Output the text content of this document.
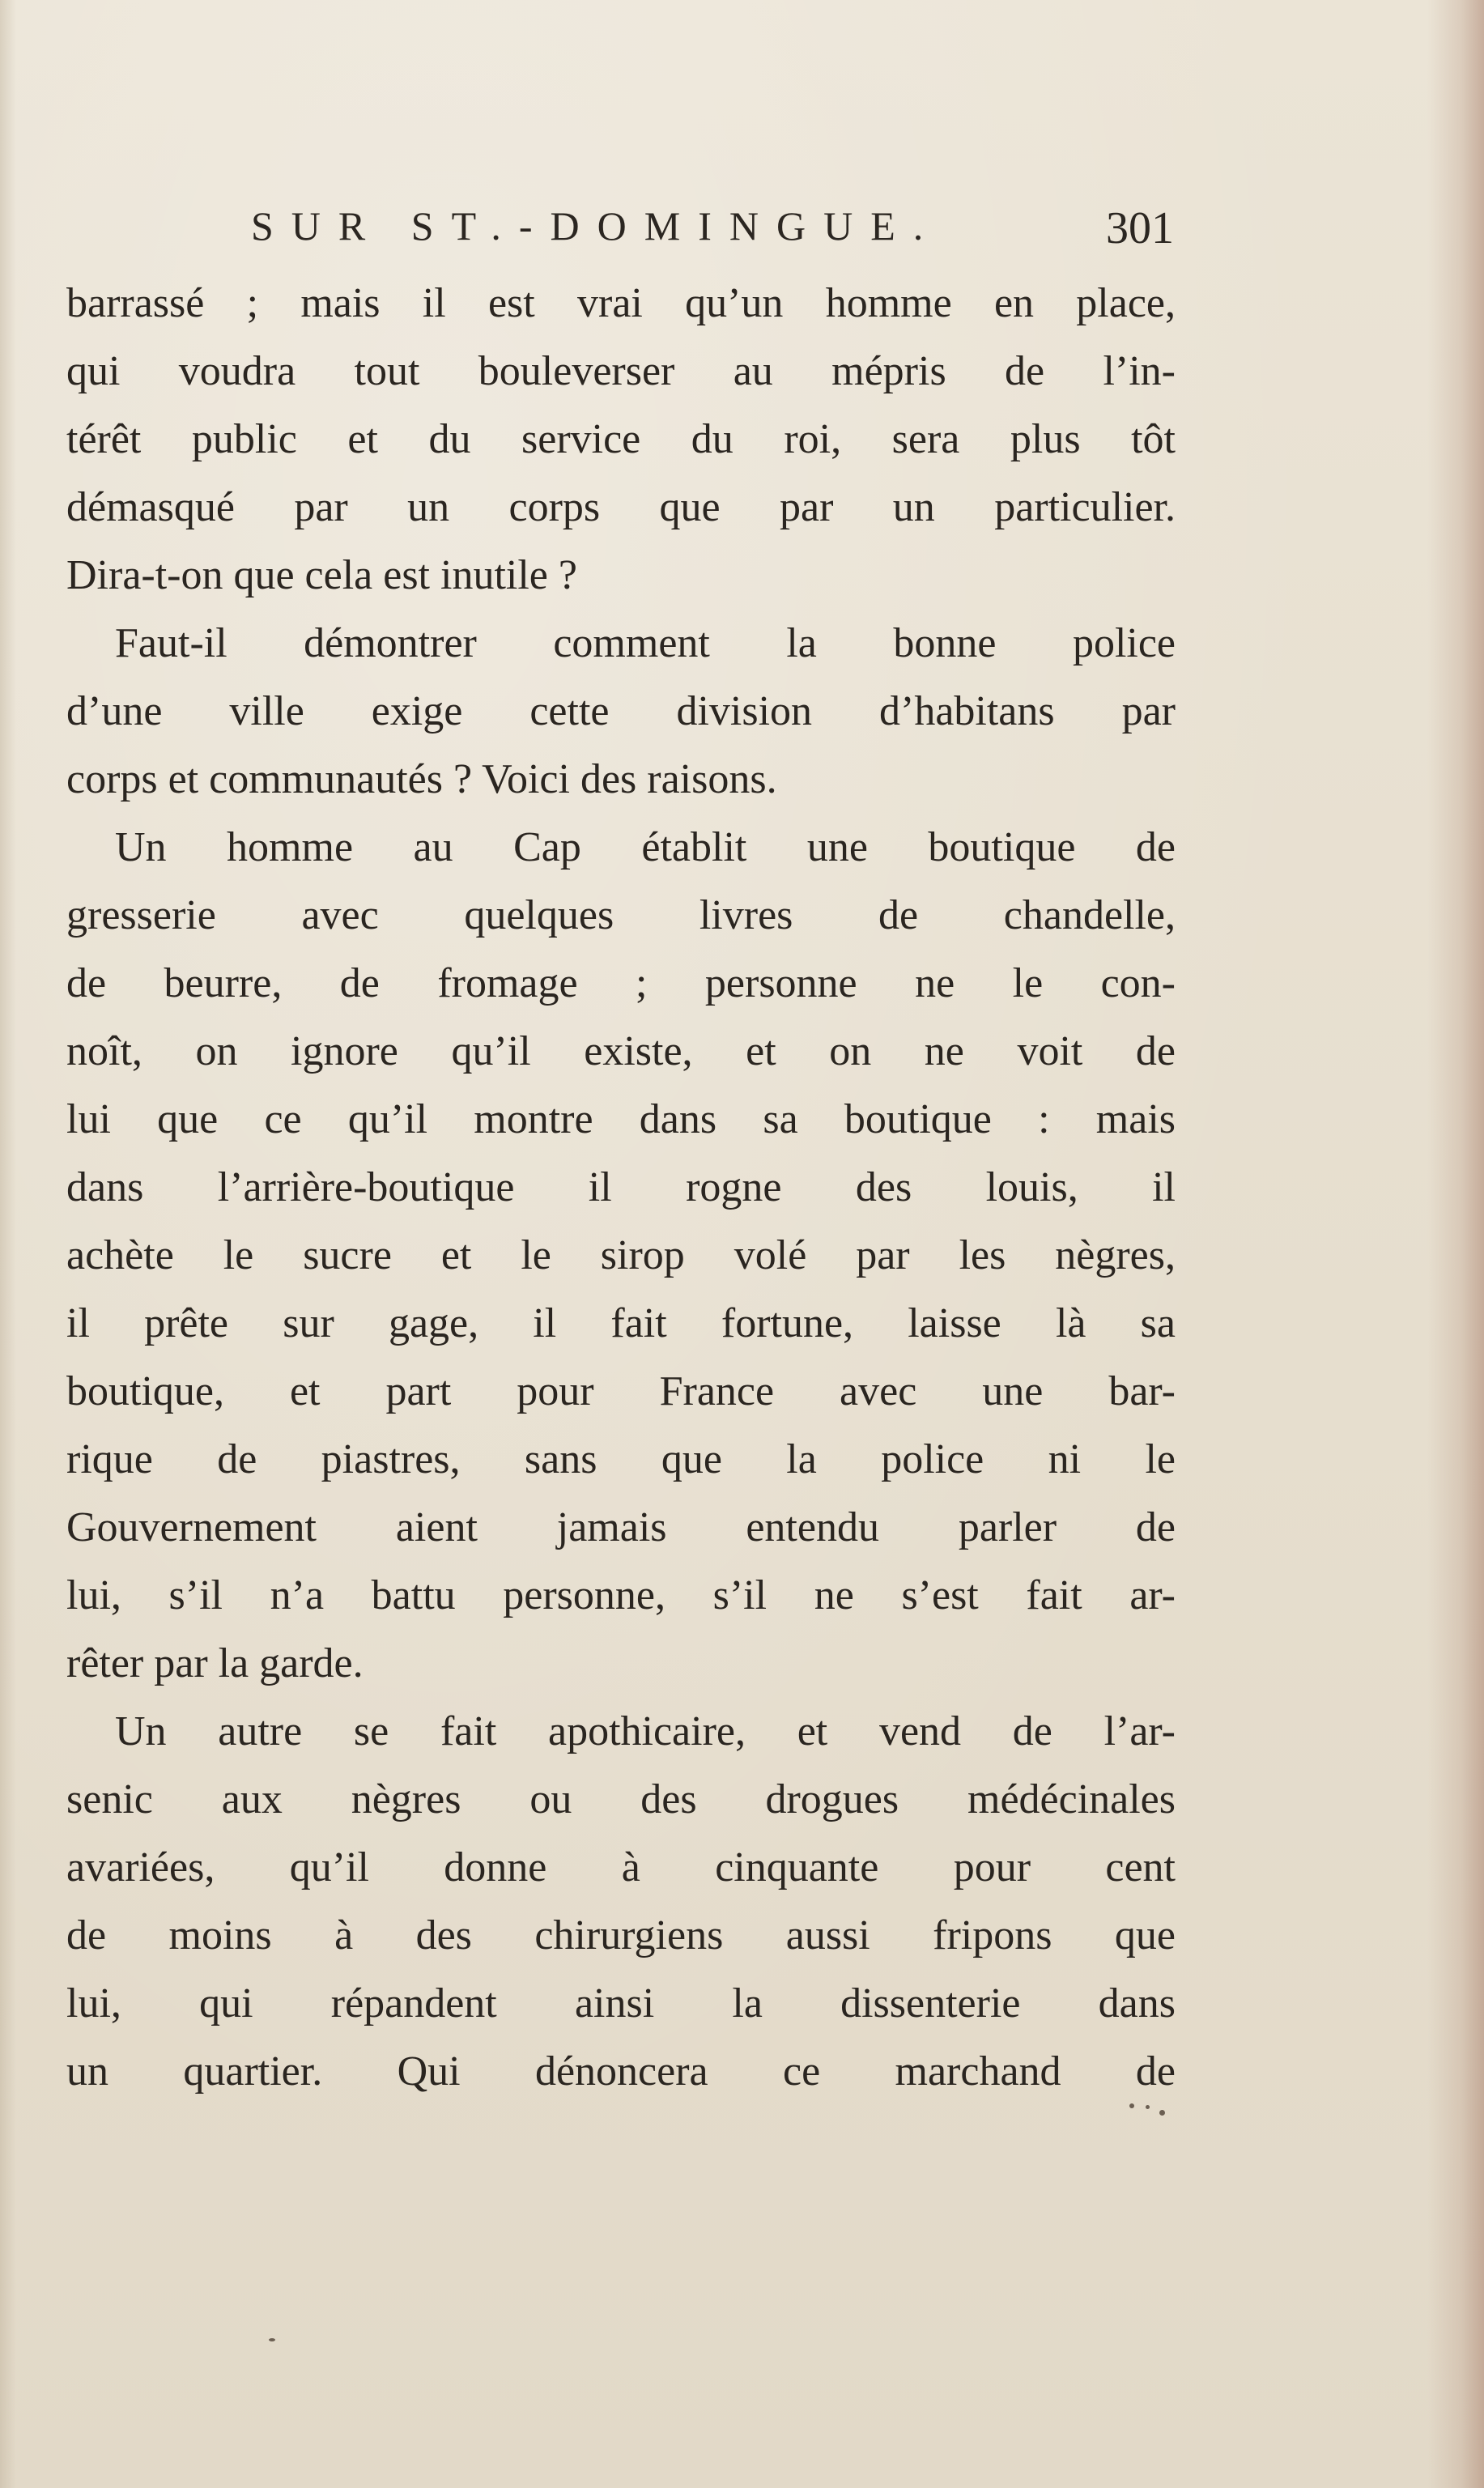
SUR ST.-DOMINGUE.	301
barrassé ; mais il est vrai qu’un homme en place,
qui voudra tout bouleverser au mépris de l’in-
térêt public et du service du roi, sera plus tôt
démasqué par un corps que par un particulier.
Dira-t-on que cela est inutile ?
Faut-il démontrer comment la bonne police
d’une ville exige cette division d’habitans par
corps et communautés ? Voici des raisons.
Un homme au Cap établit une boutique de
gresserie avec quelques livres de chandelle,
de beurre, de fromage ; personne ne le con-
noît, on ignore qu’il existe, et on ne voit de
lui que ce qu’il montre dans sa boutique : mais
dans l’arrière-boutique il rogne des louis, il
achète le sucre et le sirop volé par les nègres,
il prête sur gage, il fait fortune, laisse là sa
boutique, et part pour France avec une bar-
rique de piastres, sans que la police ni le
Gouvernement aient jamais entendu parler de
lui, s’il n’a battu personne, s’il ne s’est fait ar-
rêter par la garde.
Un autre se fait apothicaire, et vend de l’ar-
senic aux nègres ou des drogues médécinales
avariées, qu’il donne à cinquante pour cent
de moins à des chirurgiens aussi fripons que
lui, qui répandent ainsi la dissenterie dans
un quartier. Qui dénoncera ce marchand de
